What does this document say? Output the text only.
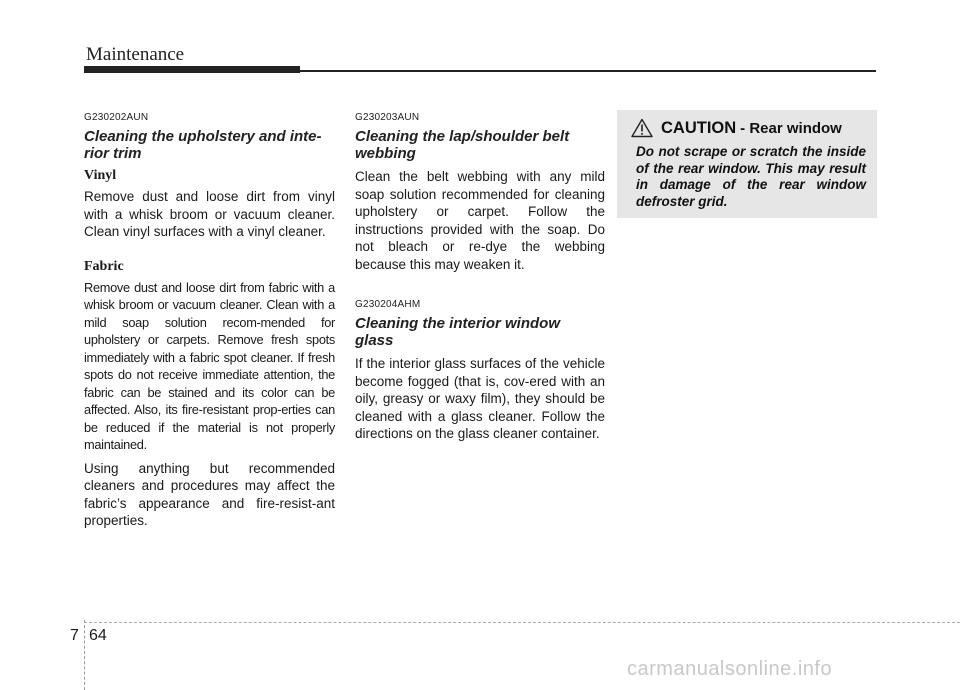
Maintenance
G230202AUN
Cleaning the upholstery and inte-
rior trim
Vinyl

Remove dust and loose dirt from vinyl with a whisk broom or vacuum cleaner. Clean vinyl surfaces with a vinyl cleaner.

Fabric

Remove dust and loose dirt from fabric with a whisk broom or vacuum cleaner. Clean with a mild soap solution recom-mended for upholstery or carpets. Remove fresh spots immediately with a fabric spot cleaner. If fresh spots do not receive immediate attention, the fabric can be stained and its color can be affected. Also, its fire-resistant prop-erties can be reduced if the material is not properly maintained.

Using anything but recommended cleaners and procedures may affect the fabric’s appearance and fire-resist-ant properties.

G230203AUN
Cleaning the lap/shoulder belt
webbing

Clean the belt webbing with any mild soap solution recommended for cleaning upholstery or carpet. Follow the instructions provided with the soap. Do not bleach or re-dye the webbing because this may weaken it.

G230204AHM
Cleaning the interior window
glass

If the interior glass surfaces of the vehicle become fogged (that is, cov-ered with an oily, greasy or waxy film), they should be cleaned with a glass cleaner. Follow the directions on the glass cleaner container.

CAUTION - Rear window

Do not scrape or scratch the inside of the rear window. This may result in damage of the rear window defroster grid.

7 64
carmanualsonline.info
